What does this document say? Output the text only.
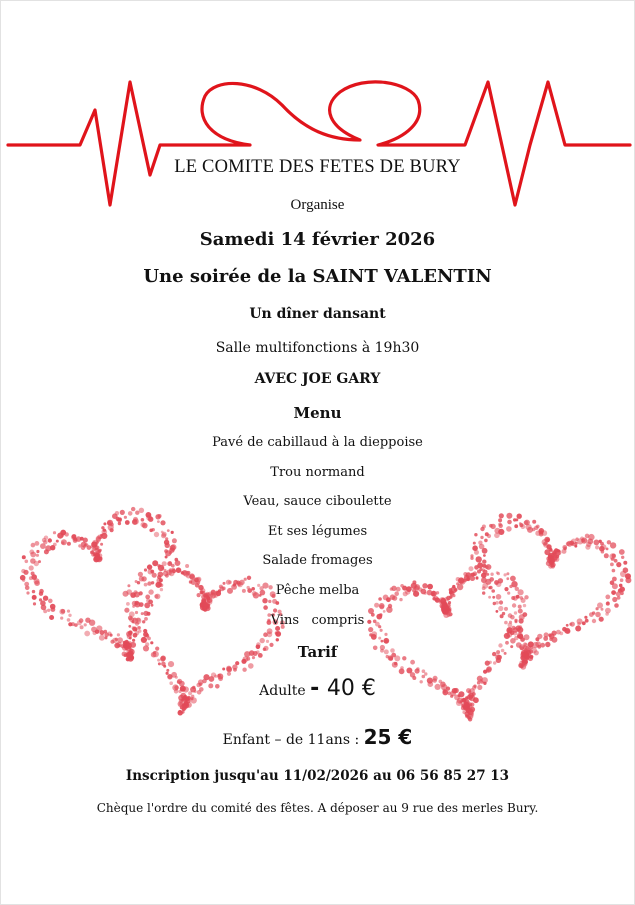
LE COMITE DES FETES DE BURY
Organise
Samedi 14 février 2026
Une soirée de la SAINT VALENTIN
Un dîner dansant
Salle multifonctions à 19h30
AVEC JOE GARY
Menu
Pavé de cabillaud à la dieppoise
Trou normand
Veau, sauce ciboulette
Et ses légumes
Salade fromages
Pêche melba
Vins   compris
Tarif
Adulte - 40 €
Enfant – de 11ans : 25 €
Inscription jusqu'au 11/02/2026 au 06 56 85 27 13
Chèque l'ordre du comité des fêtes. A déposer au 9 rue des merles Bury.
